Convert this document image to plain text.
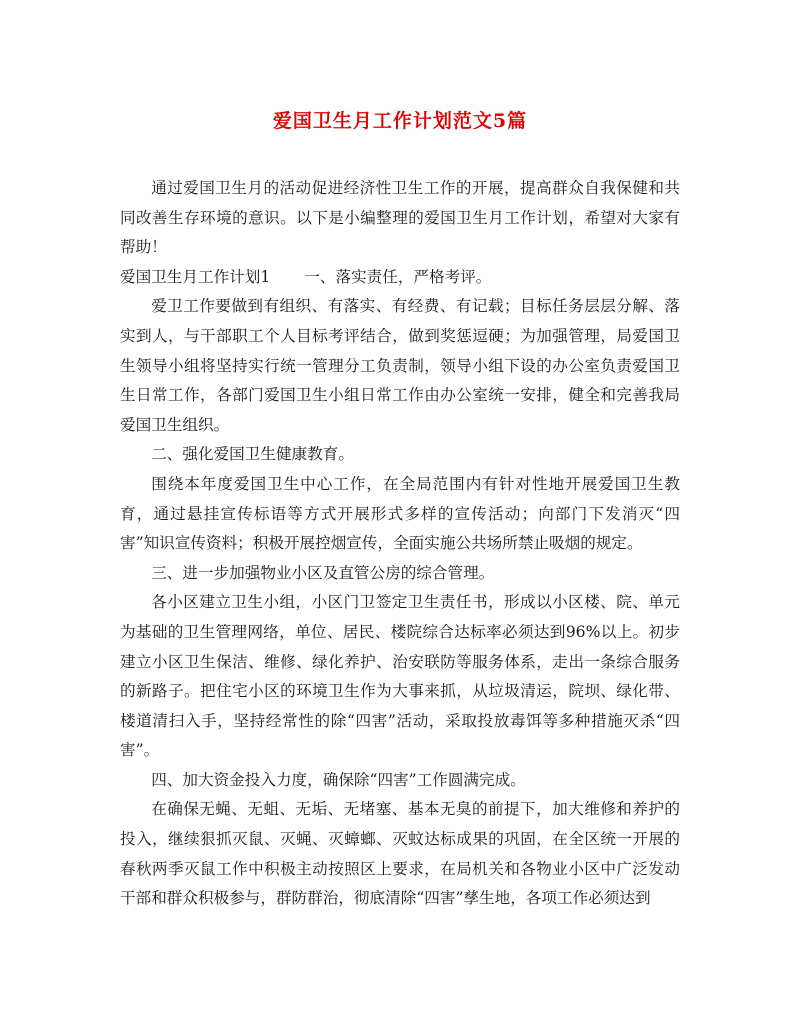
爱国卫生月工作计划范文5篇

通过爱国卫生月的活动促进经济性卫生工作的开展，提高群众自我保健和共同改善生存环境的意识。以下是小编整理的爱国卫生月工作计划，希望对大家有帮助！

爱国卫生月工作计划1 一、落实责任，严格考评。

爱卫工作要做到有组织、有落实、有经费、有记载；目标任务层层分解、落实到人，与干部职工个人目标考评结合，做到奖惩逗硬；为加强管理，局爱国卫生领导小组将坚持实行统一管理分工负责制，领导小组下设的办公室负责爱国卫生日常工作，各部门爱国卫生小组日常工作由办公室统一安排，健全和完善我局爱国卫生组织。

二、强化爱国卫生健康教育。

围绕本年度爱国卫生中心工作，在全局范围内有针对性地开展爱国卫生教育，通过悬挂宣传标语等方式开展形式多样的宣传活动；向部门下发消灭“四害”知识宣传资料；积极开展控烟宣传，全面实施公共场所禁止吸烟的规定。

三、进一步加强物业小区及直管公房的综合管理。

各小区建立卫生小组，小区门卫签定卫生责任书，形成以小区楼、院、单元为基础的卫生管理网络，单位、居民、楼院综合达标率必须达到96%以上。初步建立小区卫生保洁、维修、绿化养护、治安联防等服务体系，走出一条综合服务的新路子。把住宅小区的环境卫生作为大事来抓，从垃圾清运，院坝、绿化带、楼道清扫入手，坚持经常性的除“四害”活动，采取投放毒饵等多种措施灭杀“四害”。

四、加大资金投入力度，确保除“四害”工作圆满完成。

在确保无蝇、无蛆、无垢、无堵塞、基本无臭的前提下，加大维修和养护的投入，继续狠抓灭鼠、灭蝇、灭蟑螂、灭蚊达标成果的巩固，在全区统一开展的春秋两季灭鼠工作中积极主动按照区上要求，在局机关和各物业小区中广泛发动干部和群众积极参与，群防群治，彻底清除“四害”孳生地，各项工作必须达到
